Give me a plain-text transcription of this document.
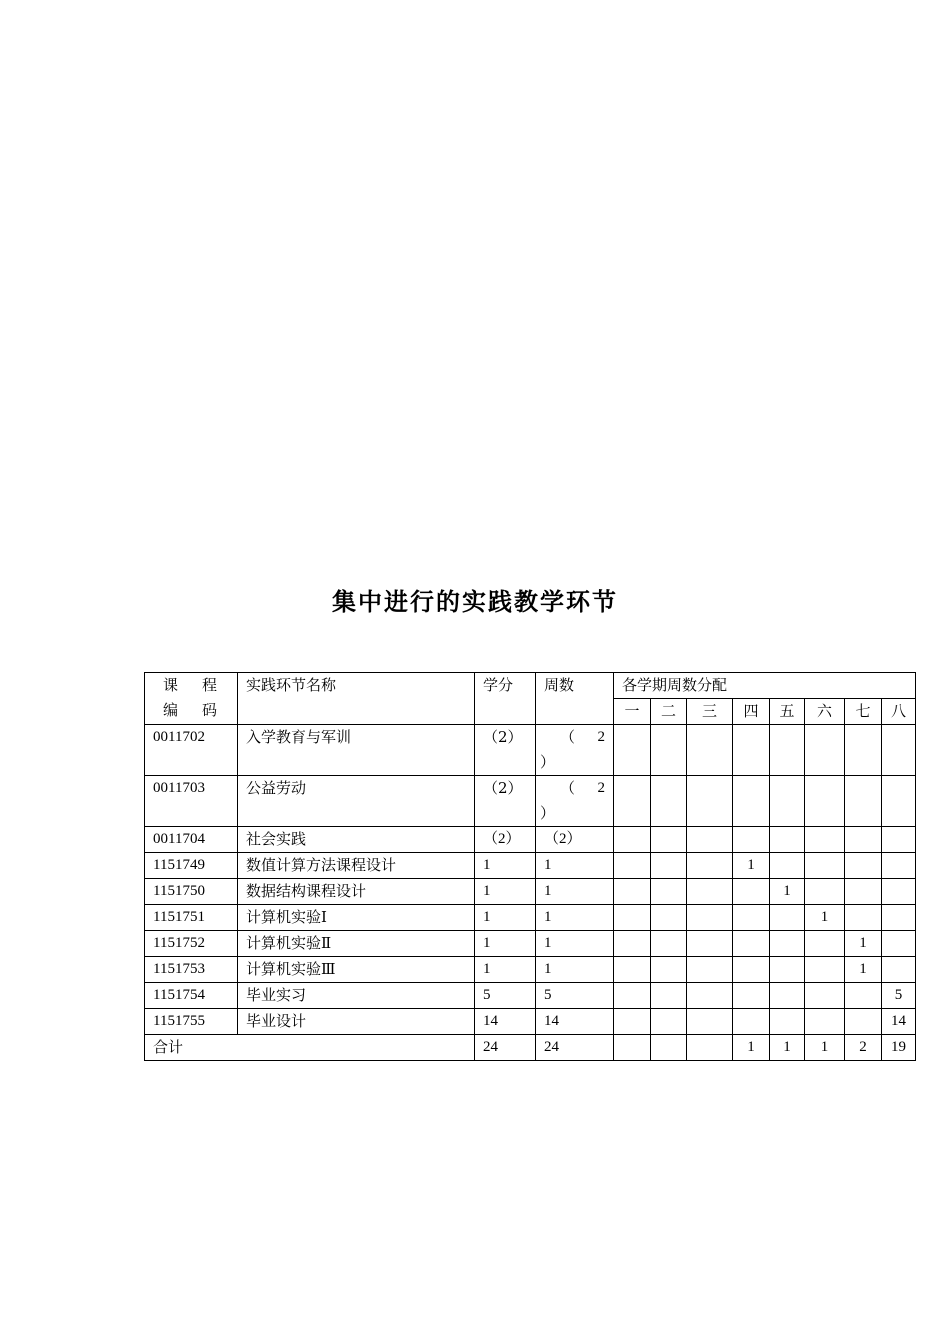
集中进行的实践教学环节
课 程
编 码	实践环节名称	学分	周数	各学期周数分配							
				一	二	三	四	五	六	七	八
0011702	入学教育与军训	（2）	（ 2
）								

0011703	公益劳动	（2）	（ 2
）								

0011704	社会实践	（2）	（2）								
1151749	数值计算方法课程设计	1	1				1				
1151750	数据结构课程设计	1	1					1			
1151751	计算机实验Ⅰ	1	1						1		
1151752	计算机实验Ⅱ	1	1							1	
1151753	计算机实验Ⅲ	1	1							1	
1151754	毕业实习	5	5								5
1151755	毕业设计	14	14								14
合计		24	24				1	1	1	2	19
